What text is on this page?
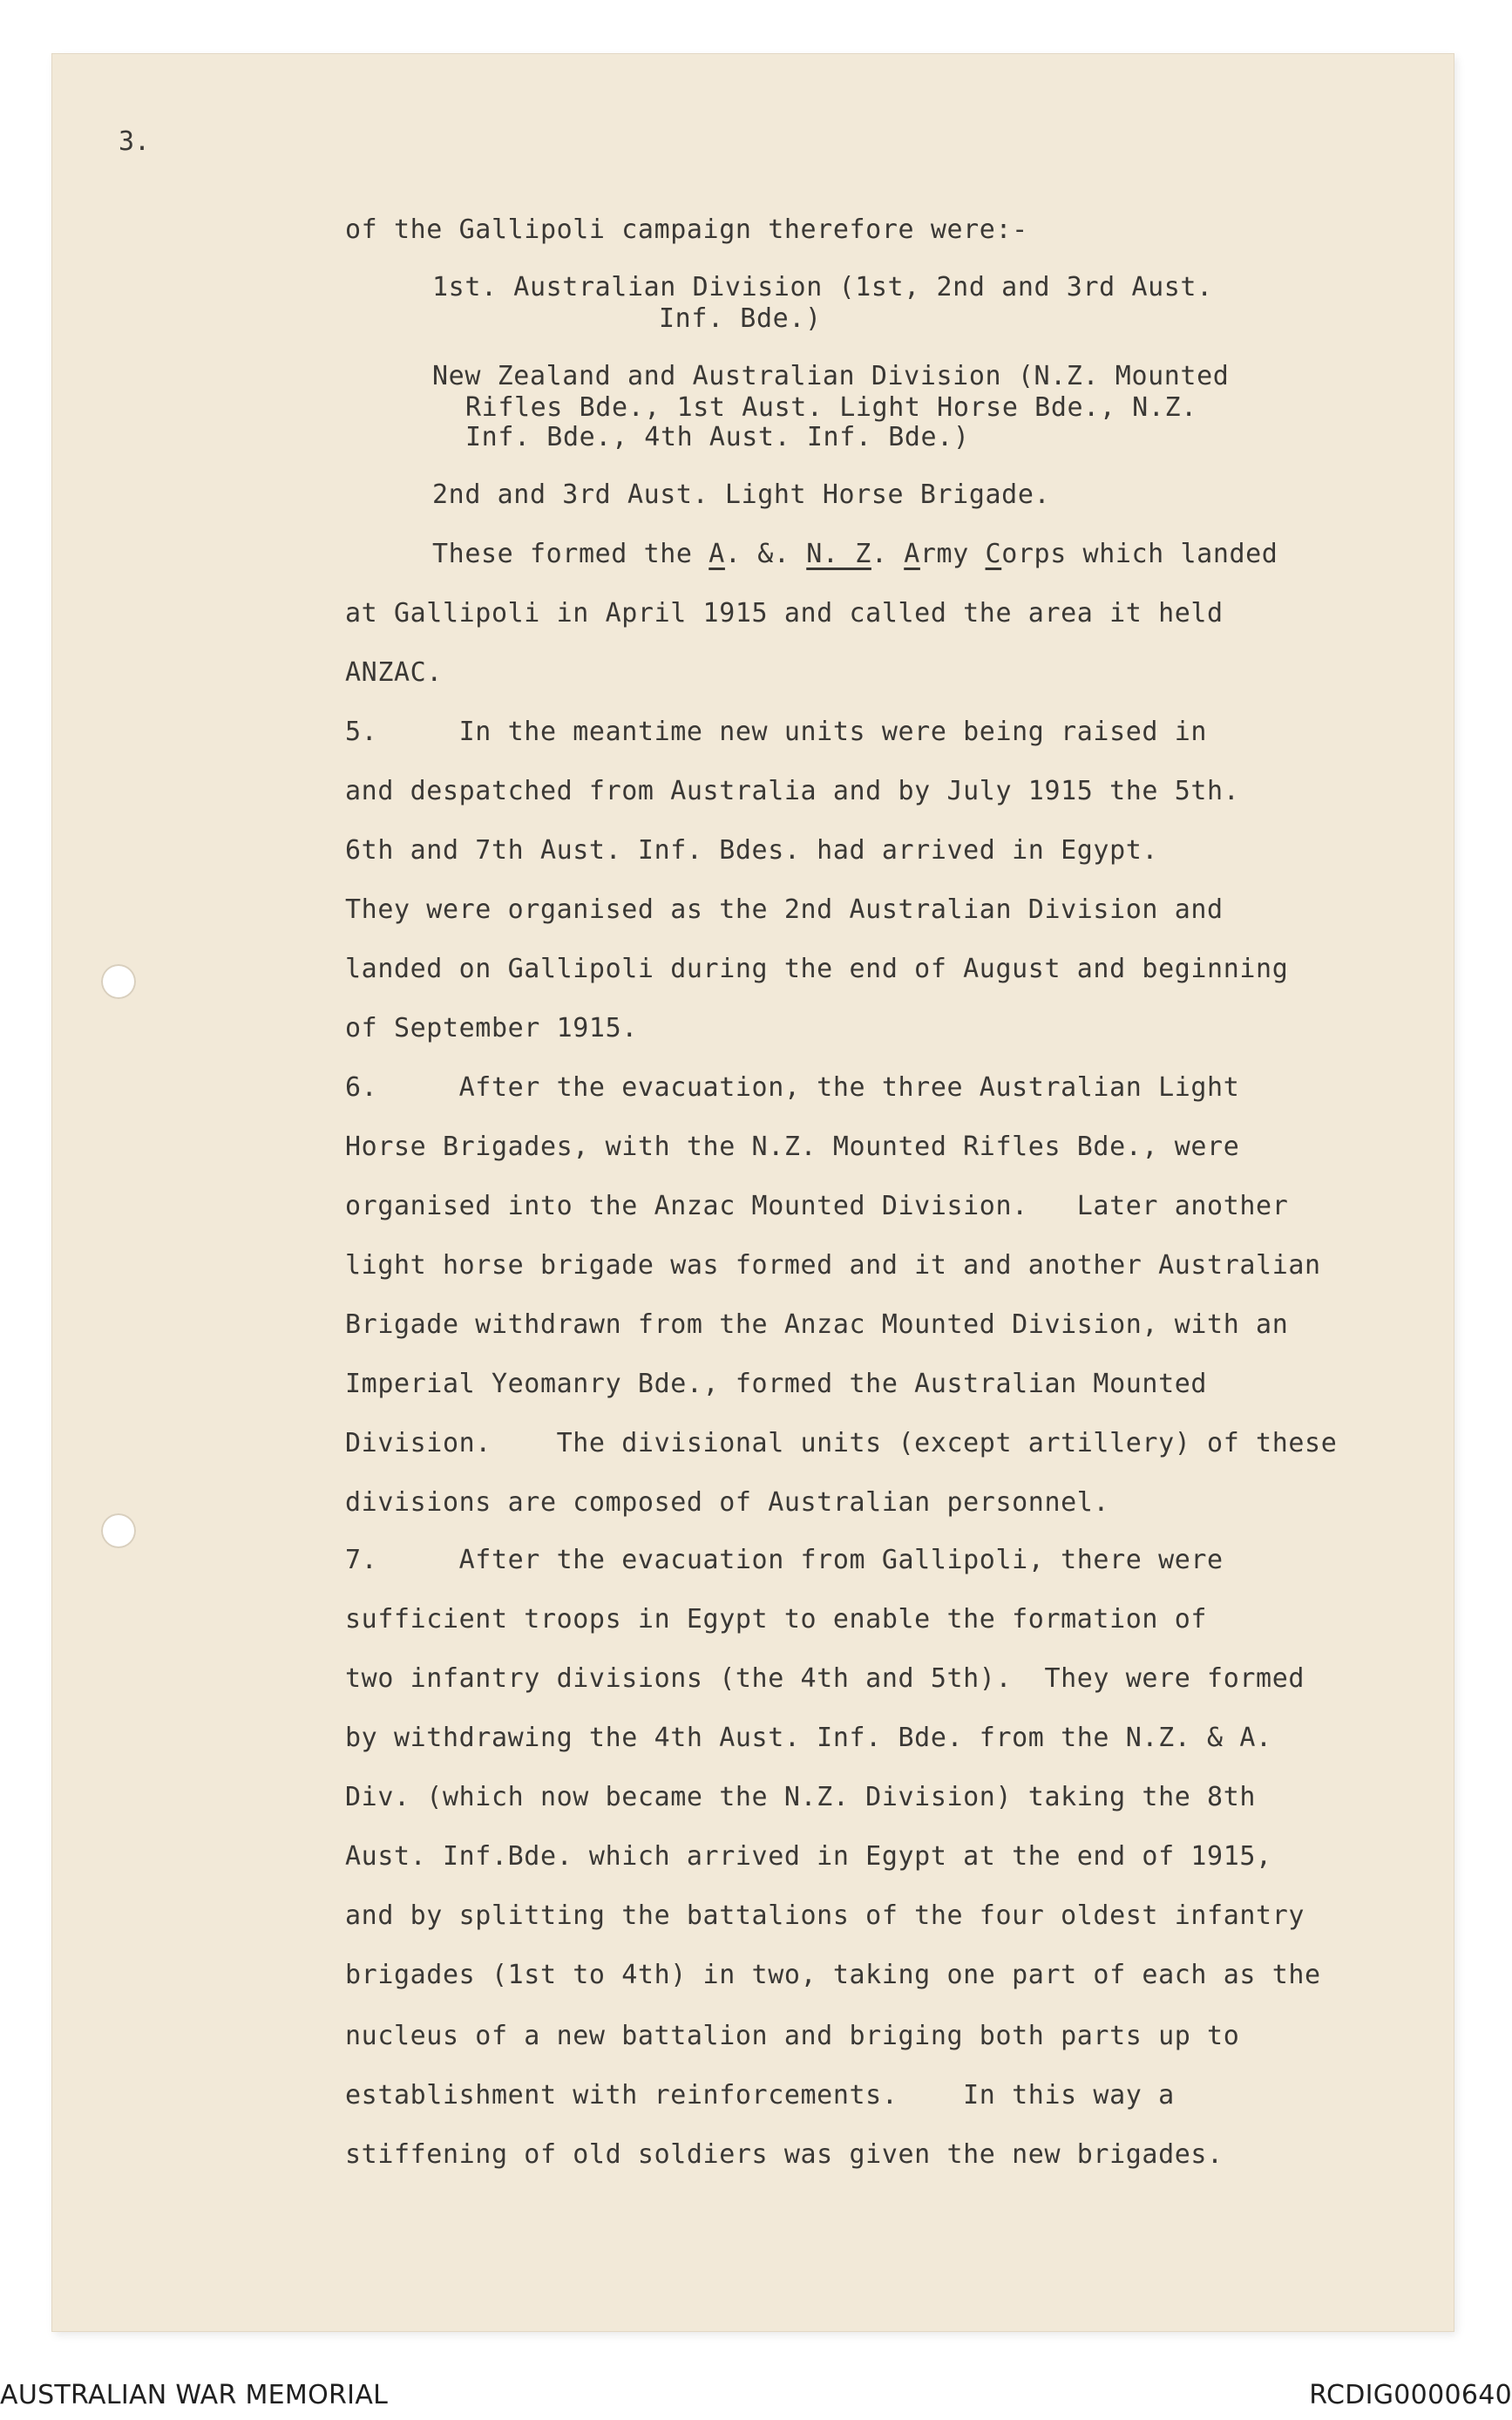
3.

of the Gallipoli campaign therefore were:-

1st. Australian Division (1st, 2nd and 3rd Aust.

Inf. Bde.)

New Zealand and Australian Division (N.Z. Mounted

Rifles Bde., 1st Aust. Light Horse Bde., N.Z.

Inf. Bde., 4th Aust. Inf. Bde.)

2nd and 3rd Aust. Light Horse Brigade.

These formed the A. &. N. Z. Army Corps which landed

at Gallipoli in April 1915 and called the area it held

ANZAC.

5.     In the meantime new units were being raised in

and despatched from Australia and by July 1915 the 5th.

6th and 7th Aust. Inf. Bdes. had arrived in Egypt.

They were organised as the 2nd Australian Division and

landed on Gallipoli during the end of August and beginning

of September 1915.

6.     After the evacuation, the three Australian Light

Horse Brigades, with the N.Z. Mounted Rifles Bde., were

organised into the Anzac Mounted Division.   Later another

light horse brigade was formed and it and another Australian

Brigade withdrawn from the Anzac Mounted Division, with an

Imperial Yeomanry Bde., formed the Australian Mounted

Division.    The divisional units (except artillery) of these

divisions are composed of Australian personnel.

7.     After the evacuation from Gallipoli, there were

sufficient troops in Egypt to enable the formation of

two infantry divisions (the 4th and 5th).  They were formed

by withdrawing the 4th Aust. Inf. Bde. from the N.Z. & A.

Div. (which now became the N.Z. Division) taking the 8th

Aust. Inf.Bde. which arrived in Egypt at the end of 1915,

and by splitting the battalions of the four oldest infantry

brigades (1st to 4th) in two, taking one part of each as the

nucleus of a new battalion and briging both parts up to

establishment with reinforcements.    In this way a

stiffening of old soldiers was given the new brigades.

AUSTRALIAN WAR MEMORIAL	RCDIG0000640
